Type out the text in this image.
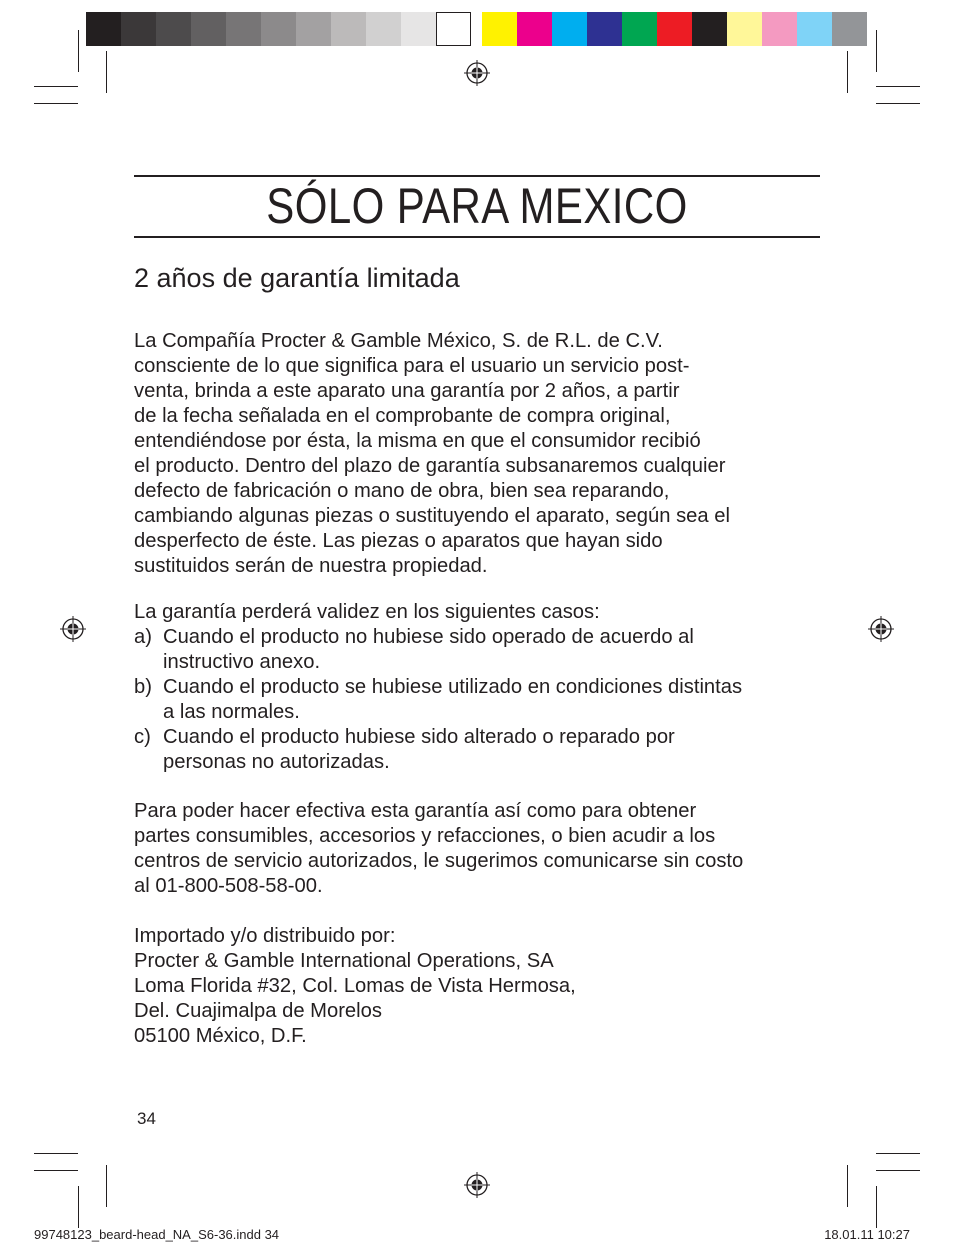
SÓLO PARA MEXICO
2 años de garantía limitada

La Compañía Procter & Gamble México, S. de R.L. de C.V.
consciente de lo que significa para el usuario un servicio post-
venta, brinda a este aparato una garantía por 2 años, a partir
de la fecha señalada en el comprobante de compra original,
entendiéndose por ésta, la misma en que el consumidor recibió
el producto. Dentro del plazo de garantía subsanaremos cualquier
defecto de fabricación o mano de obra, bien sea reparando,
cambiando algunas piezas o sustituyendo el aparato, según sea el
desperfecto de éste. Las piezas o aparatos que hayan sido
sustituidos serán de nuestra propiedad.

La garantía perderá validez en los siguientes casos:

a) Cuando el producto no hubiese sido operado de acuerdo al
instructivo anexo.
b) Cuando el producto se hubiese utilizado en condiciones distintas
a las normales.
c) Cuando el producto hubiese sido alterado o reparado por
personas no autorizadas.

Para poder hacer efectiva esta garantía así como para obtener
partes consumibles, accesorios y refacciones, o bien acudir a los
centros de servicio autorizados, le sugerimos comunicarse sin costo
al 01-800-508-58-00.

Importado y/o distribuido por:
Procter & Gamble International Operations, SA
Loma Florida #32, Col. Lomas de Vista Hermosa,
Del. Cuajimalpa de Morelos
05100 México, D.F.
34
99748123_beard-head_NA_S6-36.indd 34	18.01.11 10:27
